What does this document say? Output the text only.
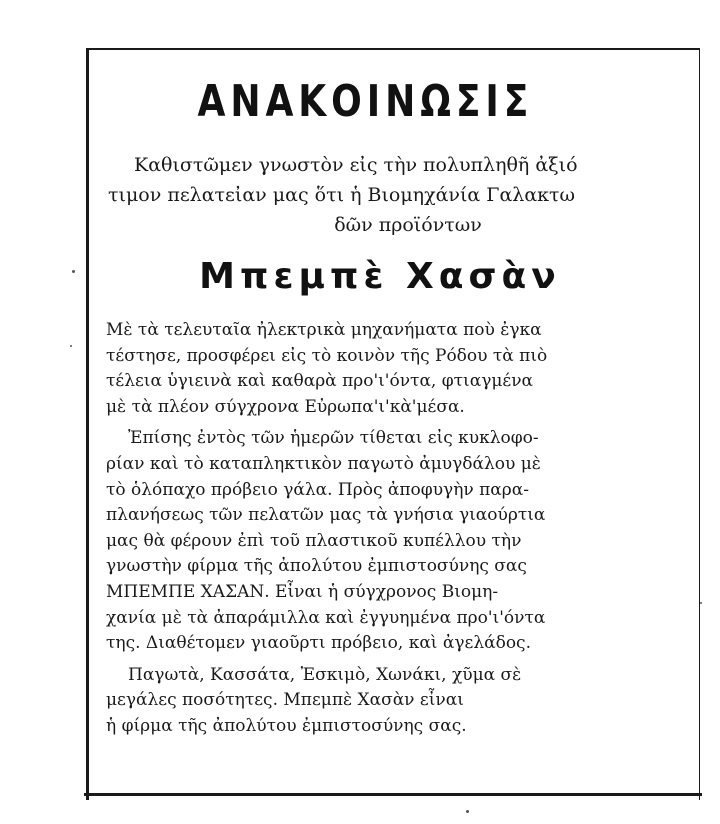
ΑΝΑΚΟΙΝΩΣΙΣ
Καθιστῶμεν γνωστὸν εἰς τὴν πολυπληθῆ ἀξιό
τιμον πελατεἰαν μας ὅτι ἡ Βιομηχάνία Γαλακτω
δῶν προϊόντων
Μπεμπὲ Χασὰν
Μὲ τὰ τελευταῖα ἠλεκτρικὰ μηχανήματα ποὺ ἐγκα
τέστησε, προσφέρει εἰς τὸ κοινὸν τῆς Ρόδου τὰ πιὸ
τέλεια ὑγιεινὰ καὶ καθαρὰ προ'ι'όντα, φτιαγμένα
μὲ τὰ πλέον σύγχρονα Εὐρωπα'ι'κὰ'μέσα.
Ἐπίσης ἐντὸς τῶν ἡμερῶν τίθεται εἰς κυκλοφο-
ρίαν καὶ τὸ καταπληκτικὸν παγωτὸ ἀμυγδάλου μὲ
τὸ ὁλόπαχο πρόβειο γάλα. Πρὸς ἀποφυγὴν παρα-
πλανήσεως τῶν πελατῶν μας τὰ γνήσια γιαούρτια
μας θὰ φέρουν ἐπὶ τοῦ πλαστικοῦ κυπέλλου τὴν
γνωστὴν φίρμα τῆς ἀπολύτου ἐμπιστοσύνης σας
ΜΠΕΜΠΕ ΧΑΣΑΝ. Εἶναι ἡ σύγχρονος Βιομη-
χανία μὲ τὰ ἀπαράμιλλα καὶ ἐγγυημένα προ'ι'όντα
της. Διαθέτομεν γιαοῦρτι πρόβειο, καὶ ἀγελάδος.
Παγωτὰ, Κασσάτα, Ἐσκιμὸ, Χωνάκι, χῦμα σὲ
μεγάλες ποσότητες. Μπεμπὲ Χασὰν εἶναι
ἡ φίρμα τῆς ἀπολύτου ἐμπιστοσύνης σας.
